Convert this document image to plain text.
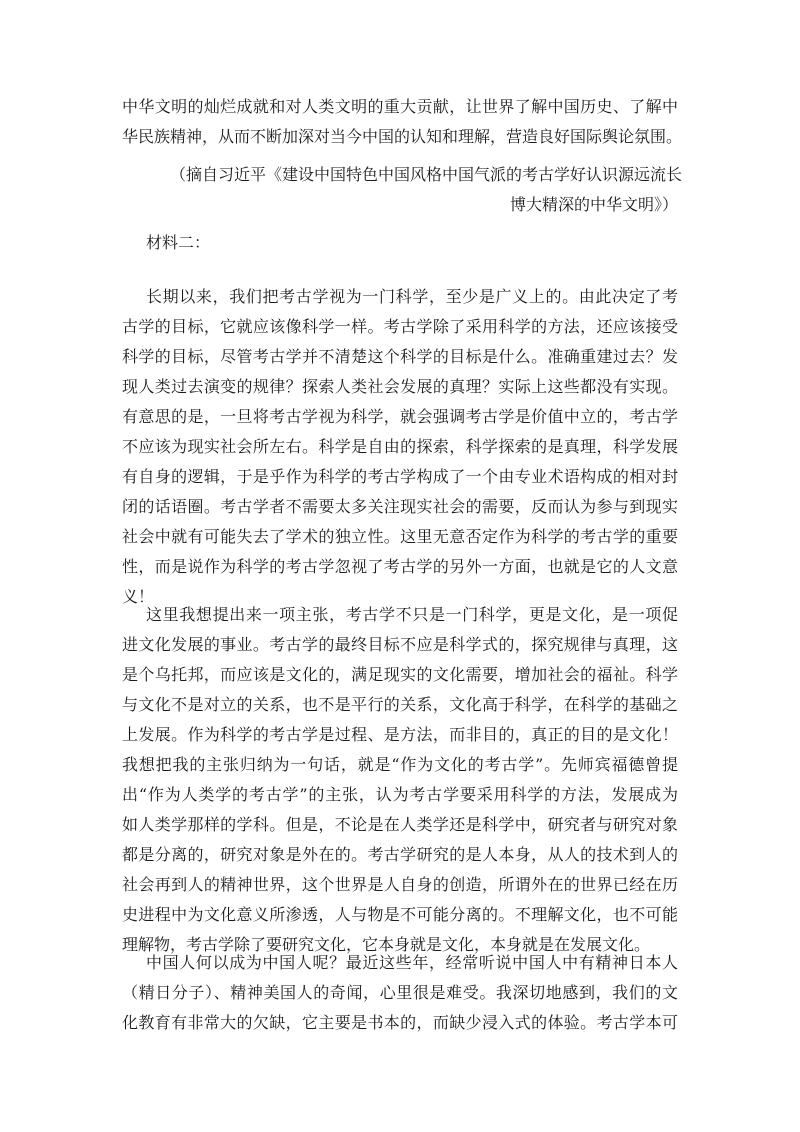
中华文明的灿烂成就和对人类文明的重大贡献，让世界了解中国历史、了解中
华民族精神，从而不断加深对当今中国的认知和理解，营造良好国际舆论氛围。
（摘自习近平《建设中国特色中国风格中国气派的考古学好认识源远流长
博大精深的中华文明》）
材料二：
长期以来，我们把考古学视为一门科学，至少是广义上的。由此决定了考
古学的目标，它就应该像科学一样。考古学除了采用科学的方法，还应该接受
科学的目标，尽管考古学并不清楚这个科学的目标是什么。准确重建过去？发
现人类过去演变的规律？探索人类社会发展的真理？实际上这些都没有实现。
有意思的是，一旦将考古学视为科学，就会强调考古学是价值中立的，考古学
不应该为现实社会所左右。科学是自由的探索，科学探索的是真理，科学发展
有自身的逻辑，于是乎作为科学的考古学构成了一个由专业术语构成的相对封
闭的话语圈。考古学者不需要太多关注现实社会的需要，反而认为参与到现实
社会中就有可能失去了学术的独立性。这里无意否定作为科学的考古学的重要
性，而是说作为科学的考古学忽视了考古学的另外一方面，也就是它的人文意
义！
这里我想提出来一项主张，考古学不只是一门科学，更是文化，是一项促
进文化发展的事业。考古学的最终目标不应是科学式的，探究规律与真理，这
是个乌托邦，而应该是文化的，满足现实的文化需要，增加社会的福祉。科学
与文化不是对立的关系，也不是平行的关系，文化高于科学，在科学的基础之
上发展。作为科学的考古学是过程、是方法，而非目的，真正的目的是文化！
我想把我的主张归纳为一句话，就是“作为文化的考古学”。先师宾福德曾提
出“作为人类学的考古学”的主张，认为考古学要采用科学的方法，发展成为
如人类学那样的学科。但是，不论是在人类学还是科学中，研究者与研究对象
都是分离的，研究对象是外在的。考古学研究的是人本身，从人的技术到人的
社会再到人的精神世界，这个世界是人自身的创造，所谓外在的世界已经在历
史进程中为文化意义所渗透，人与物是不可能分离的。不理解文化，也不可能
理解物，考古学除了要研究文化，它本身就是文化，本身就是在发展文化。
中国人何以成为中国人呢？最近这些年，经常听说中国人中有精神日本人
（精日分子）、精神美国人的奇闻，心里很是难受。我深切地感到，我们的文
化教育有非常大的欠缺，它主要是书本的，而缺少浸入式的体验。考古学本可
